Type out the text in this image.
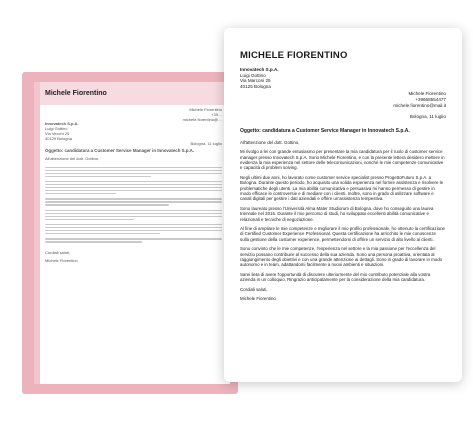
Michele Fiorentino
Michele Fiorentino
+39…
michele.fiorentino@…
Innovatech S.p.A.
Luigi Gottino
Via Vecchi 25
40129 Bologna
Bologna, 11 luglio
Oggetto: candidatura a Customer Service Manager in Innovatech S.p.A.
All'attenzione del dott. Gottino,
Cordiali saluti,
Michele Fiorentino
MICHELE FIORENTINO
Innovatech S.p.A.
Luigi Gottino
Via Marconi 25
40125 Bologna
Michele Fiorentino
+39668554477
michele.fiorentino@mail.it
Bologna, 11 luglio
Oggetto: candidatura a Customer Service Manager in Innovatech S.p.A.
All'attenzione del dott. Gottino,
Mi rivolgo a lei con grande entusiasmo per presentare la mia candidatura per il ruolo di customer service manager presso Innovatech S.p.A. Sono Michele Fiorentino, e con la presente lettera desidero mettere in evidenza la mia esperienza nel settore delle telecomunicazioni, nonché le mie competenze comunicative e capacità di problem solving.
Negli ultimi due anni, ho lavorato come customer service specialist presso ProgettoFuturo S.p.A. a Bologna. Durante questo periodo, ho acquisito una solida esperienza nel fornire assistenza e risolvere le problematiche degli utenti. La mia abilità comunicativa e persuasiva mi hanno permesso di gestire in modo efficace le controversie e di mediare con i clienti. Inoltre, sono in grado di utilizzare software e canali digitali per gestire i dati aziendali e offrire un'assistenza tempestiva.
Sono laureato presso l'Università Alma Mater Studiorum di Bologna, dove ho conseguito una laurea triennale nel 2015. Durante il mio percorso di studi, ho sviluppato eccellenti abilità comunicative e relazionali e tecniche di negoziazione.
Al fine di ampliare le mie competenze e migliorare il mio profilo professionale, ho ottenuto la certificazione di Certified Customer Experience Professional. Questa certificazione ha arricchito le mie conoscenze sulla gestione della customer experience, permettendomi di offrire un servizio di alto livello ai clienti.
Sono convinto che le mie competenze, l'esperienza nel settore e la mia passione per l'eccellenza del servizio possano contribuire al successo della sua azienda. Sono una persona proattiva, orientata al raggiungimento degli obiettivi e con una grande attenzione ai dettagli. Sono in grado di lavorare in modo autonomo e in team, adattandomi facilmente a nuovi ambienti e situazioni.
Sarei lieta di avere l'opportunità di discutere ulteriormente del mio contributo potenziale alla vostra azienda in un colloquio. Ringrazio anticipatamente per la considerazione della mia candidatura.
Cordiali saluti,
Michele Fiorentino
